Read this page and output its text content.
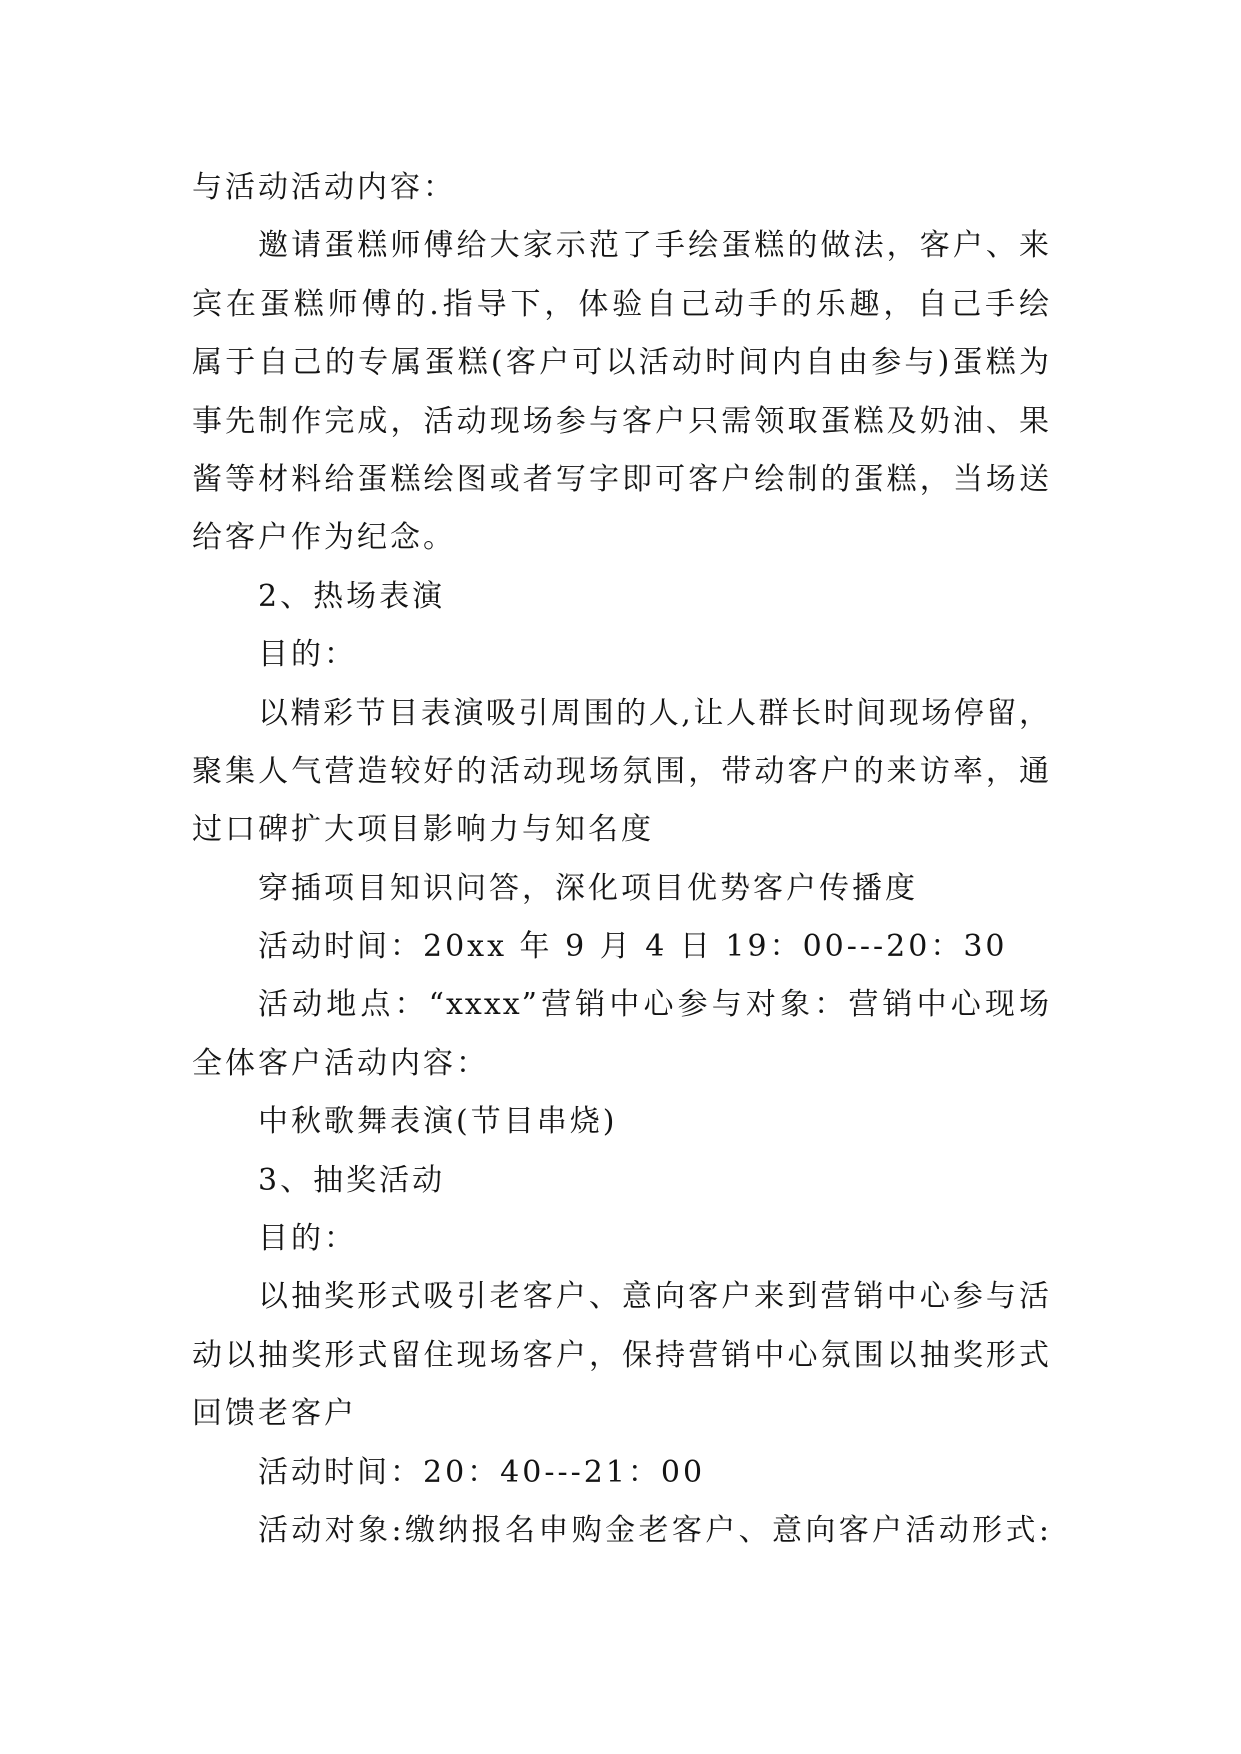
与活动活动内容：
邀请蛋糕师傅给大家示范了手绘蛋糕的做法，客户、来
宾在蛋糕师傅的.指导下，体验自己动手的乐趣，自己手绘
属于自己的专属蛋糕(客户可以活动时间内自由参与)蛋糕为
事先制作完成，活动现场参与客户只需领取蛋糕及奶油、果
酱等材料给蛋糕绘图或者写字即可客户绘制的蛋糕，当场送
给客户作为纪念。
2、热场表演
目的：
以精彩节目表演吸引周围的人,让人群长时间现场停留，
聚集人气营造较好的活动现场氛围，带动客户的来访率，通
过口碑扩大项目影响力与知名度
穿插项目知识问答，深化项目优势客户传播度
活动时间：20xx 年 9 月 4 日 19：00---20：30
活动地点：“xxxx”营销中心参与对象：营销中心现场
全体客户活动内容：
中秋歌舞表演(节目串烧)
3、抽奖活动
目的：
以抽奖形式吸引老客户、意向客户来到营销中心参与活
动以抽奖形式留住现场客户，保持营销中心氛围以抽奖形式
回馈老客户
活动时间：20：40---21：00
活动对象:缴纳报名申购金老客户、意向客户活动形式:
